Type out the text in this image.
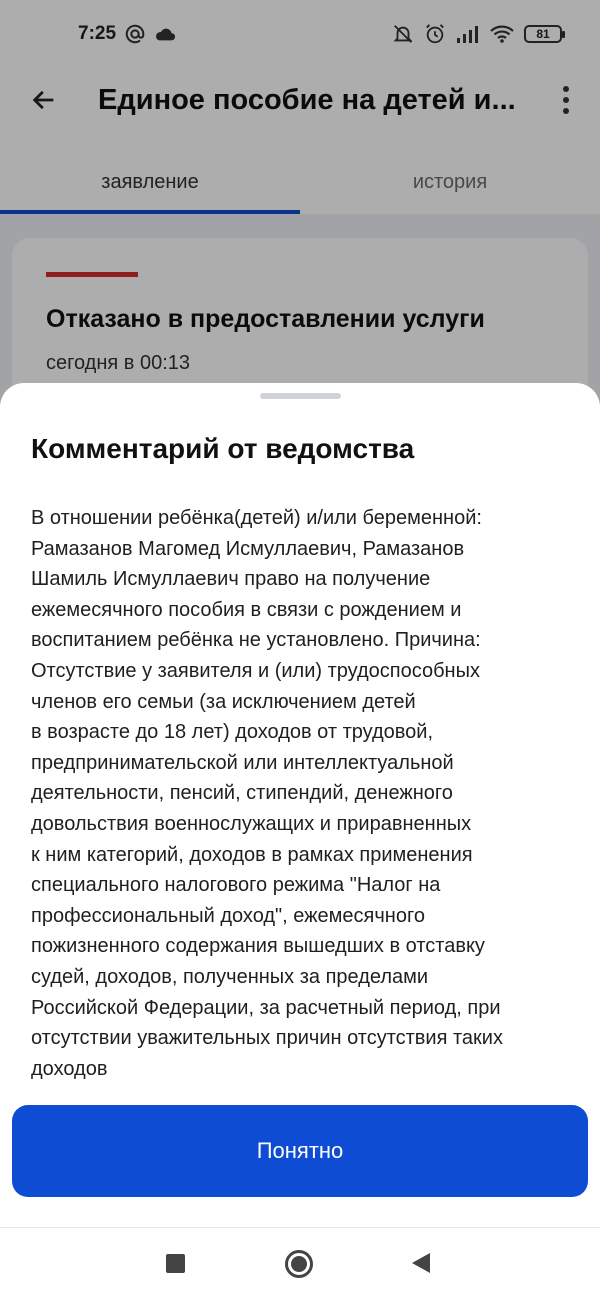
7:25	81
Единое пособие на детей и...
заявление	история
Отказано в предоставлении услуги
сегодня в 00:13
Комментарий от ведомства
В отношении ребёнка(детей) и/или беременной:
Рамазанов Магомед Исмуллаевич, Рамазанов
Шамиль Исмуллаевич право на получение
ежемесячного пособия в связи с рождением и
воспитанием ребёнка не установлено. Причина:
Отсутствие у заявителя и (или) трудоспособных
членов его семьи (за исключением детей
в возрасте до 18 лет) доходов от трудовой,
предпринимательской или интеллектуальной
деятельности, пенсий, стипендий, денежного
довольствия военнослужащих и приравненных
к ним категорий, доходов в рамках применения
специального налогового режима "Налог на
профессиональный доход", ежемесячного
пожизненного содержания вышедших в отставку
судей, доходов, полученных за пределами
Российской Федерации, за расчетный период, при
отсутствии уважительных причин отсутствия таких
доходов
Понятно
